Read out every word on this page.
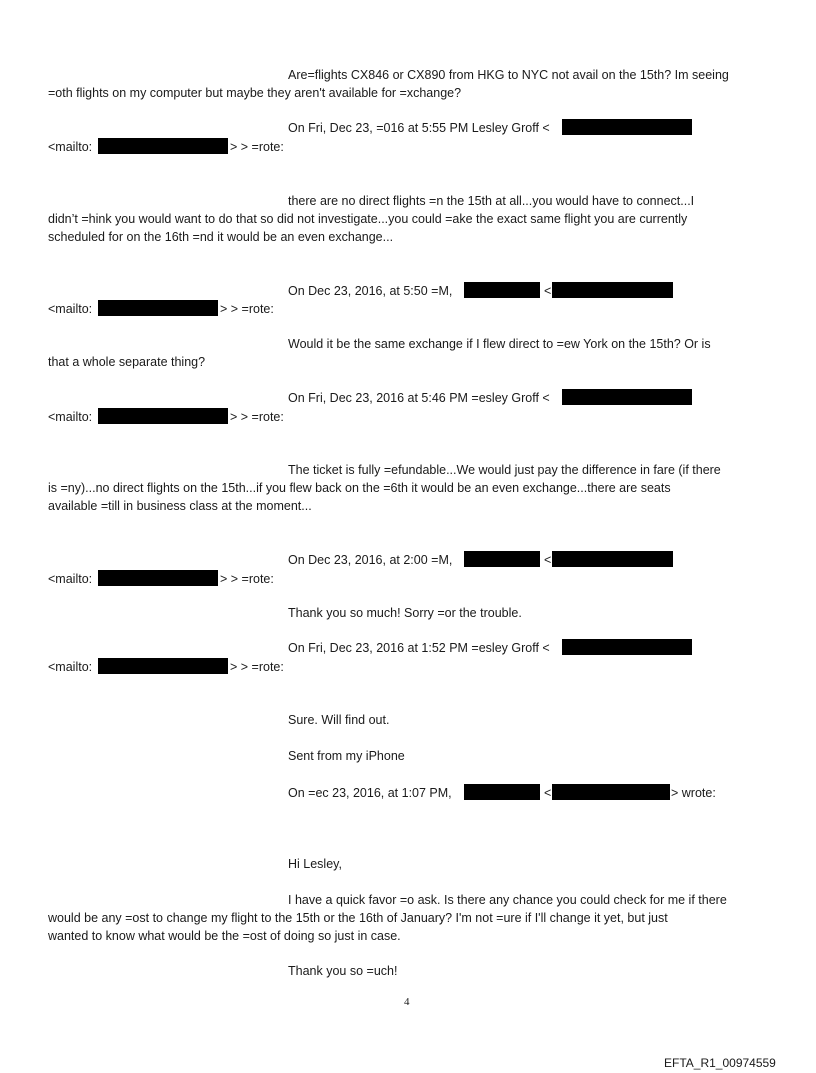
Are=flights CX846 or CX890 from HKG to NYC not avail on the 15th? Im seeing
=oth flights on my computer but maybe they aren't available for =xchange?
On Fri, Dec 23, =016 at 5:55 PM Lesley Groff <
<mailto:	> > =rote:
there are no direct flights =n the 15th at all...you would have to connect...I
didn’t =hink you would want to do that so did not investigate...you could =ake the exact same flight you are currently
scheduled for on the 16th =nd it would be an even exchange...
On Dec 23, 2016, at 5:50 =M,	<
<mailto:	> > =rote:
Would it be the same exchange if I flew direct to =ew York on the 15th? Or is
that a whole separate thing?
On Fri, Dec 23, 2016 at 5:46 PM =esley Groff <
<mailto:	> > =rote:
The ticket is fully =efundable...We would just pay the difference in fare (if there
is =ny)...no direct flights on the 15th...if you flew back on the =6th it would be an even exchange...there are seats
available =till in business class at the moment...
On Dec 23, 2016, at 2:00 =M,	<
<mailto:	> > =rote:
Thank you so much! Sorry =or the trouble.
On Fri, Dec 23, 2016 at 1:52 PM =esley Groff <
<mailto:	> > =rote:
Sure. Will find out.
Sent from my iPhone
On =ec 23, 2016, at 1:07 PM,	<	> wrote:
Hi Lesley,
I have a quick favor =o ask. Is there any chance you could check for me if there
would be any =ost to change my flight to the 15th or the 16th of January? I'm not =ure if I'll change it yet, but just
wanted to know what would be the =ost of doing so just in case.
Thank you so =uch!
4
EFTA_R1_00974559
